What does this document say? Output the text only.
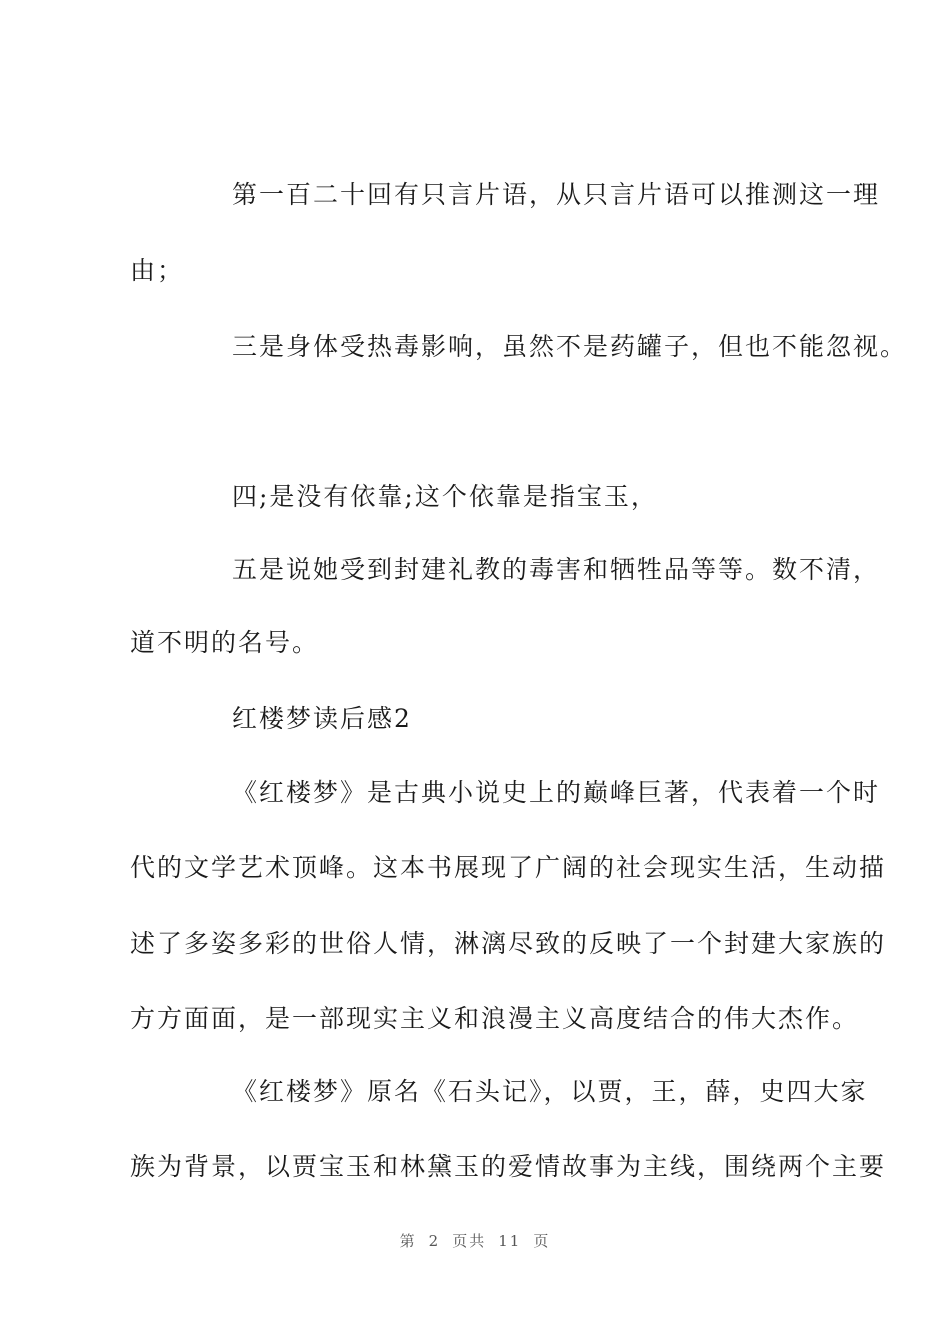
第一百二十回有只言片语，从只言片语可以推测这一理
由；
三是身体受热毒影响，虽然不是药罐子，但也不能忽视。
四;是没有依靠;这个依靠是指宝玉，
五是说她受到封建礼教的毒害和牺牲品等等。数不清，
道不明的名号。
红楼梦读后感2
《红楼梦》是古典小说史上的巅峰巨著，代表着一个时
代的文学艺术顶峰。这本书展现了广阔的社会现实生活，生动描
述了多姿多彩的世俗人情，淋漓尽致的反映了一个封建大家族的
方方面面，是一部现实主义和浪漫主义高度结合的伟大杰作。
《红楼梦》原名《石头记》，以贾，王，薛，史四大家
族为背景，以贾宝玉和林黛玉的爱情故事为主线，围绕两个主要
第 2 页共 11 页
